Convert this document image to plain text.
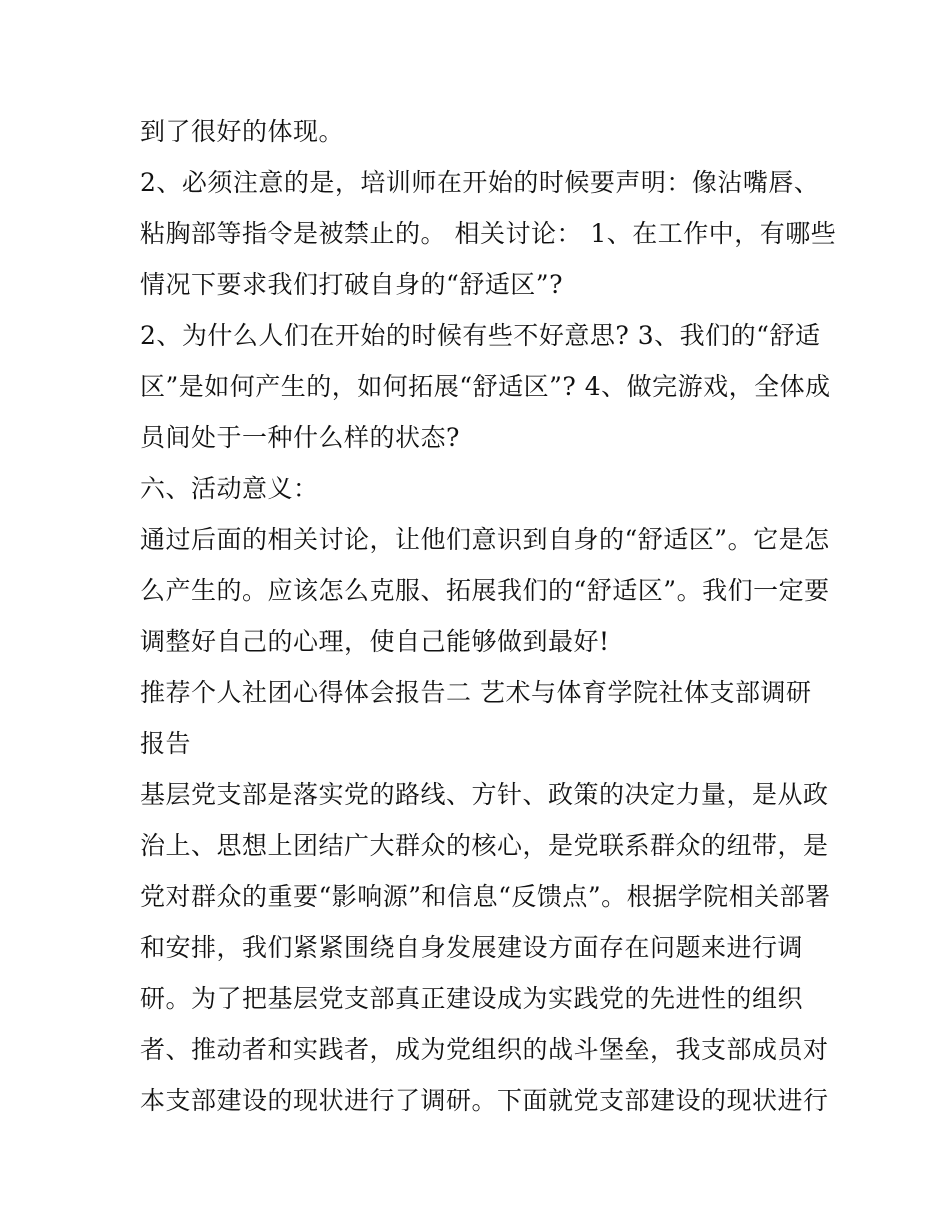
到了很好的体现。
2、必须注意的是，培训师在开始的时候要声明：像沾嘴唇、
粘胸部等指令是被禁止的。 相关讨论： 1、在工作中，有哪些
情况下要求我们打破自身的“舒适区”?
2、为什么人们在开始的时候有些不好意思? 3、我们的“舒适
区”是如何产生的，如何拓展“舒适区”? 4、做完游戏，全体成
员间处于一种什么样的状态?
六、活动意义：
通过后面的相关讨论，让他们意识到自身的“舒适区”。它是怎
么产生的。应该怎么克服、拓展我们的“舒适区”。我们一定要
调整好自己的心理，使自己能够做到最好!
推荐个人社团心得体会报告二 艺术与体育学院社体支部调研
报告
基层党支部是落实党的路线、方针、政策的决定力量，是从政
治上、思想上团结广大群众的核心，是党联系群众的纽带，是
党对群众的重要“影响源”和信息“反馈点”。根据学院相关部署
和安排，我们紧紧围绕自身发展建设方面存在问题来进行调
研。为了把基层党支部真正建设成为实践党的先进性的组织
者、推动者和实践者，成为党组织的战斗堡垒，我支部成员对
本支部建设的现状进行了调研。下面就党支部建设的现状进行
